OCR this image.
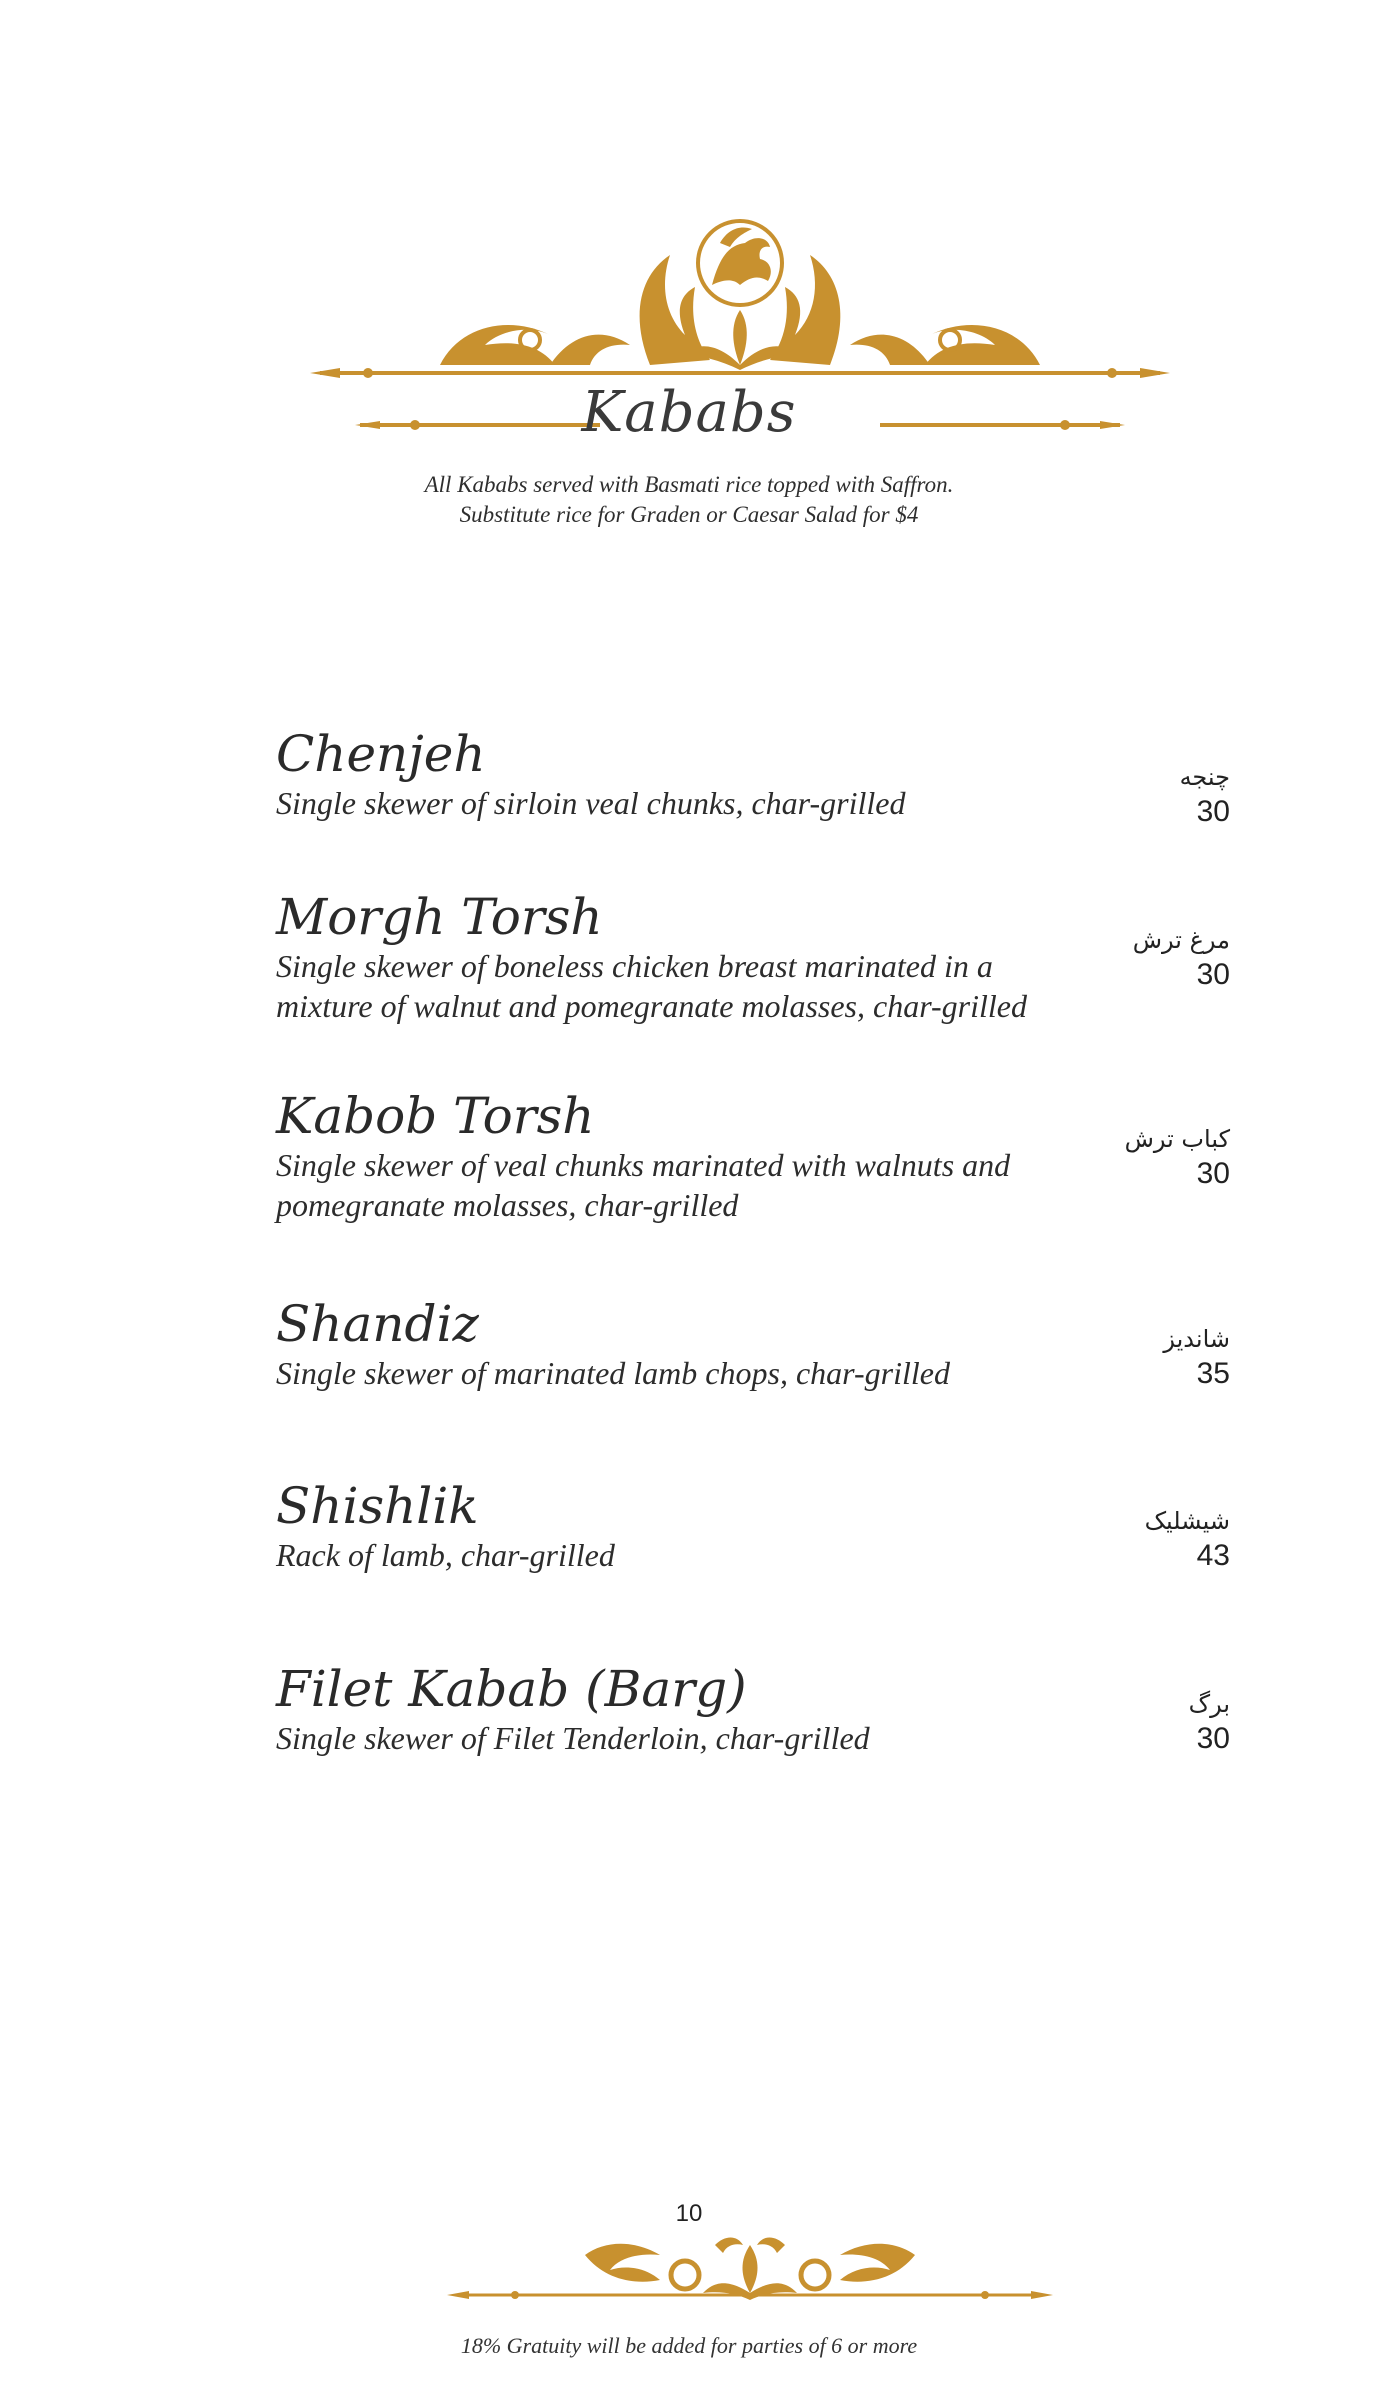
Kababs
All Kababs served with Basmati rice topped with Saffron.
Substitute rice for Graden or Caesar Salad for $4
Chenjeh
Single skewer of sirloin veal chunks, char-grilled
چنجه
30
Morgh Torsh
Single skewer of boneless chicken breast marinated in a
mixture of walnut and pomegranate molasses, char-grilled
مرغ ترش
30
Kabob Torsh
Single skewer of veal chunks marinated with walnuts and
pomegranate molasses, char-grilled
کباب ترش
30
Shandiz
Single skewer of marinated lamb chops, char-grilled
شاندیز
35
Shishlik
Rack of lamb, char-grilled
شیشلیک
43
Filet Kabab (Barg)
Single skewer of Filet Tenderloin, char-grilled
برگ
30
10
18% Gratuity will be added for parties of 6 or more
